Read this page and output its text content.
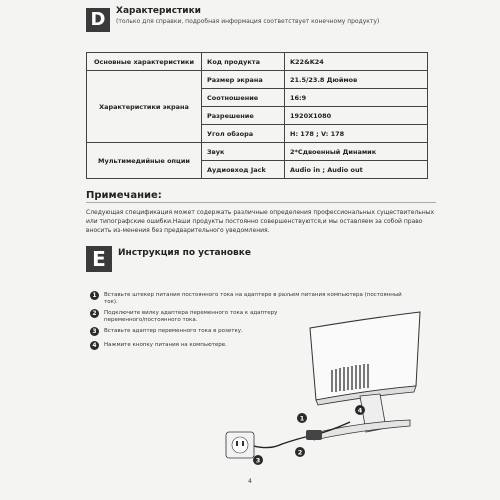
D	Характеристики
(только для справки, подробная информация соответствует конечному продукту)
Основные характеристики	Код продукта	K22&K24
Характеристики экрана	Размер экрана	21.5/23.8 Дюймов
	Соотношение	16:9
	Разрешение	1920X1080
	Угол обзора	H: 178 ; V: 178
Мультимедийные опции	Звук	2*Сдвоенный Динамик
	Аудиовход Jack	Audio in ; Audio out
Примечание:
Следующая спецификация может содержать различные определения профессиональных существительных или типографские ошибки.Наши продукты постоянно совершенствуются,и мы оставляем за собой право вносить из-менения без предварительного уведомления.
E	Инструкция по установке
1	Вставьте штекер питания постоянного тока на адаптере в разъем питания компьютера (постоянный ток).
2	Подключите вилку адаптера переменного тока к адаптеру переменного/постоянного тока.
3	Вставьте адаптер переменного тока в розетку.
4	Нажмите кнопку питания на компьютере.
1
2
3
4
4
